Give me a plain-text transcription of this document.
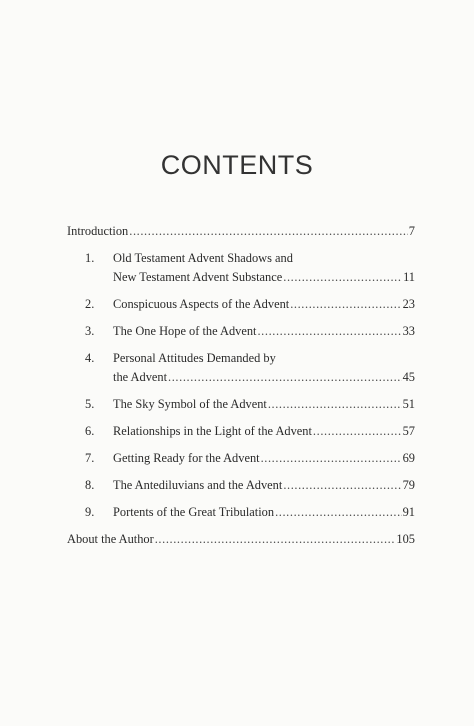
CONTENTS
Introduction .....	7
1. Old Testament Advent Shadows and
New Testament Advent Substance .....	11
2. Conspicuous Aspects of the Advent .....	23
3. The One Hope of the Advent .....	33
4. Personal Attitudes Demanded by
the Advent .....	45
5. The Sky Symbol of the Advent .....	51
6. Relationships in the Light of the Advent .....	57
7. Getting Ready for the Advent .....	69
8. The Antediluvians and the Advent .....	79
9. Portents of the Great Tribulation .....	91
About the Author .....	105
